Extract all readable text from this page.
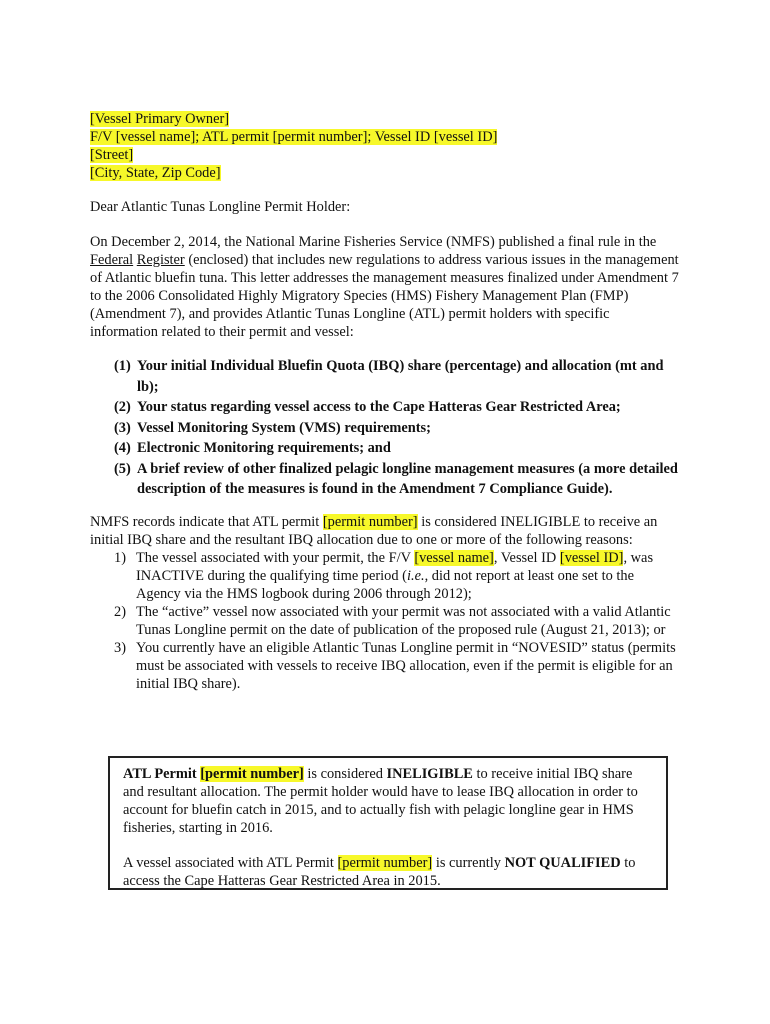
[Vessel Primary Owner]
F/V [vessel name]; ATL permit [permit number]; Vessel ID [vessel ID]
[Street]
[City, State, Zip Code]

Dear Atlantic Tunas Longline Permit Holder:

On December 2, 2014, the National Marine Fisheries Service (NMFS) published a final rule in the Federal Register (enclosed) that includes new regulations to address various issues in the management of Atlantic bluefin tuna. This letter addresses the management measures finalized under Amendment 7 to the 2006 Consolidated Highly Migratory Species (HMS) Fishery Management Plan (FMP) (Amendment 7), and provides Atlantic Tunas Longline (ATL) permit holders with specific information related to their permit and vessel:

(1) Your initial Individual Bluefin Quota (IBQ) share (percentage) and allocation (mt and lb);
(2) Your status regarding vessel access to the Cape Hatteras Gear Restricted Area;
(3) Vessel Monitoring System (VMS) requirements;
(4) Electronic Monitoring requirements; and
(5) A brief review of other finalized pelagic longline management measures (a more detailed description of the measures is found in the Amendment 7 Compliance Guide).

NMFS records indicate that ATL permit [permit number] is considered INELIGIBLE to receive an initial IBQ share and the resultant IBQ allocation due to one or more of the following reasons:

1) The vessel associated with your permit, the F/V [vessel name], Vessel ID [vessel ID], was INACTIVE during the qualifying time period (i.e., did not report at least one set to the Agency via the HMS logbook during 2006 through 2012);
2) The “active” vessel now associated with your permit was not associated with a valid Atlantic Tunas Longline permit on the date of publication of the proposed rule (August 21, 2013); or
3) You currently have an eligible Atlantic Tunas Longline permit in “NOVESID” status (permits must be associated with vessels to receive IBQ allocation, even if the permit is eligible for an initial IBQ share).

ATL Permit [permit number] is considered INELIGIBLE to receive initial IBQ share and resultant allocation. The permit holder would have to lease IBQ allocation in order to account for bluefin catch in 2015, and to actually fish with pelagic longline gear in HMS fisheries, starting in 2016.

A vessel associated with ATL Permit [permit number] is currently NOT QUALIFIED to access the Cape Hatteras Gear Restricted Area in 2015.
